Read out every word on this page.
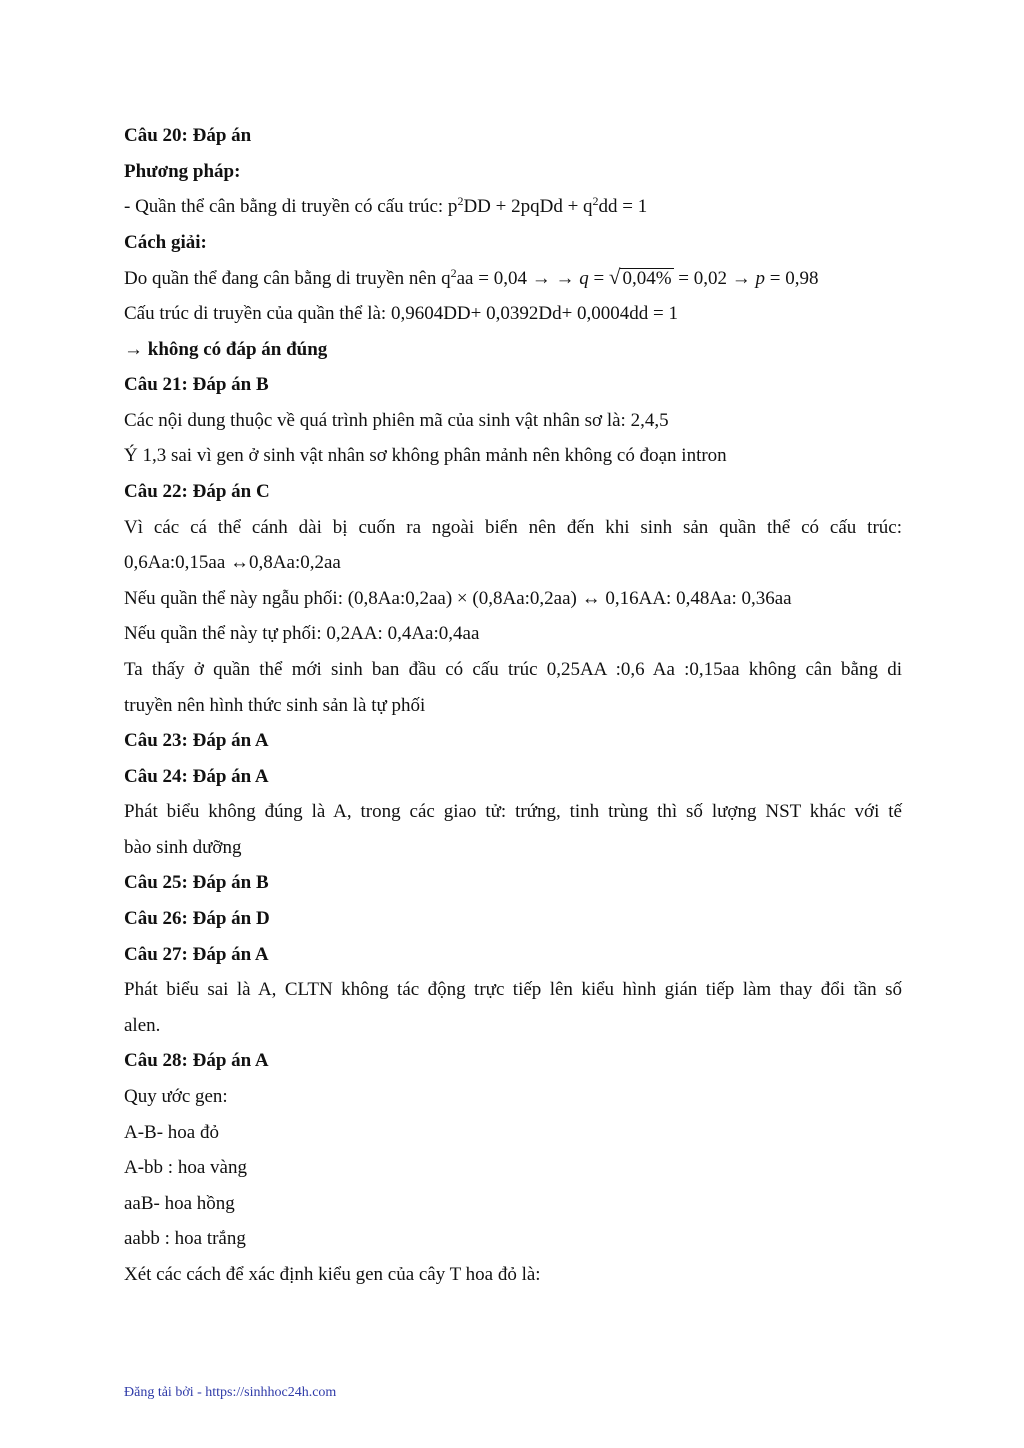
Câu 20: Đáp án
Phương pháp:
- Quần thể cân bằng di truyền có cấu trúc: $p^2DD$ + 2pqDd + $q^2dd = 1$
Cách giải:
Do quần thể đang cân bằng di truyền nên $q^2aa = 0,04$ → → q = √ 0,04% = 0,02 → p = 0,98
Cấu trúc di truyền của quần thể là: 0,9604DD+ 0,0392Dd+ 0,0004dd = 1
→ không có đáp án đúng
Câu 21: Đáp án B
Các nội dung thuộc về quá trình phiên mã của sinh vật nhân sơ là: 2,4,5
Ý 1,3 sai vì gen ở sinh vật nhân sơ không phân mảnh nên không có đoạn intron
Câu 22: Đáp án C
Vì các cá thể cánh dài bị cuốn ra ngoài biển nên đến khi sinh sản quần thể có cấu trúc:
0,6Aa:0,15aa ↔0,8Aa:0,2aa
Nếu quần thể này ngẫu phối: (0,8Aa:0,2aa) × (0,8Aa:0,2aa) ↔ 0,16AA: 0,48Aa: 0,36aa
Nếu quần thể này tự phối: 0,2AA: 0,4Aa:0,4aa
Ta thấy ở quần thể mới sinh ban đầu có cấu trúc 0,25AA :0,6 Aa :0,15aa không cân bằng di
truyền nên hình thức sinh sản là tự phối
Câu 23: Đáp án A
Câu 24: Đáp án A
Phát biểu không đúng là A, trong các giao tử: trứng, tinh trùng thì số lượng NST khác với tế
bào sinh dưỡng
Câu 25: Đáp án B
Câu 26: Đáp án D
Câu 27: Đáp án A
Phát biểu sai là A, CLTN không tác động trực tiếp lên kiểu hình gián tiếp làm thay đổi tần số
alen.
Câu 28: Đáp án A
Quy ước gen:
A-B- hoa đỏ
A-bb : hoa vàng
aaB- hoa hồng
aabb : hoa trắng
Xét các cách để xác định kiểu gen của cây T hoa đỏ là:
Đăng tải bởi - https://sinhhoc24h.com
